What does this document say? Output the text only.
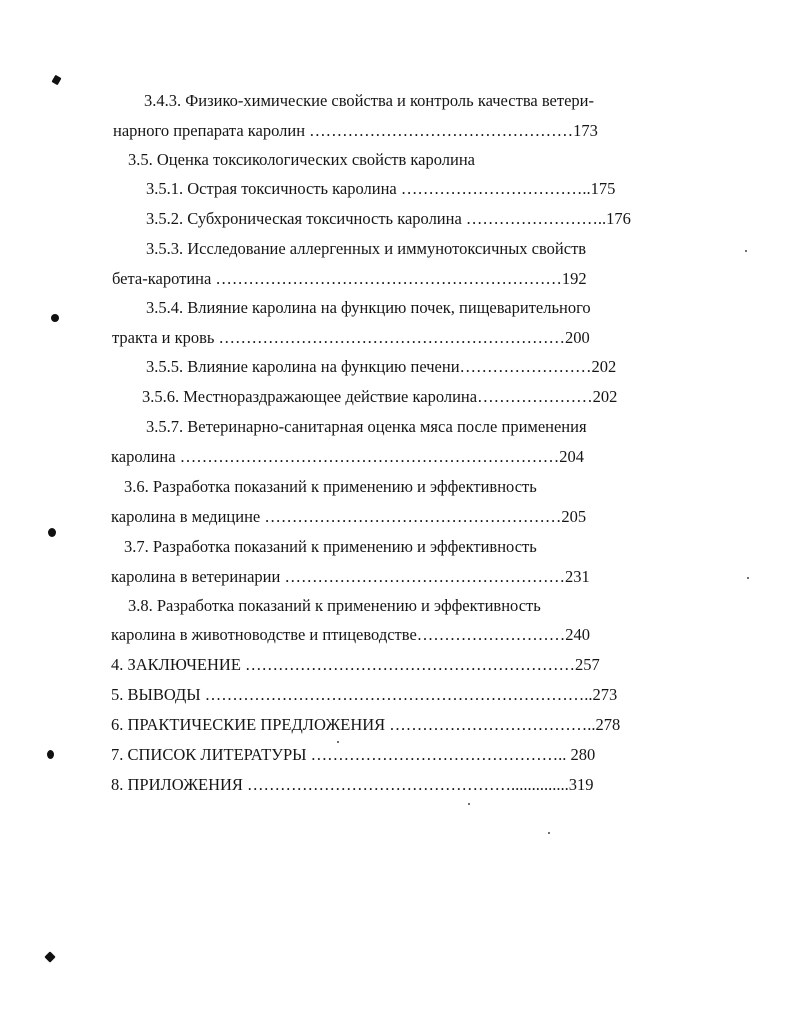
3.4.3. Физико-химические свойства и контроль качества ветери-
нарного препарата каролин …………………………………………173
3.5. Оценка токсикологических свойств каролина
3.5.1. Острая токсичность каролина ……………………………..175
3.5.2. Субхроническая токсичность каролина ……………………..176
3.5.3. Исследование аллергенных и иммунотоксичных свойств
бета-каротина ………………………………………………………192
3.5.4. Влияние каролина на функцию почек, пищеварительного
тракта и кровь ………………………………………………………200
3.5.5. Влияние каролина на функцию печени……………………202
3.5.6. Местнораздражающее действие каролина…………………202
3.5.7. Ветеринарно-санитарная оценка мяса после применения
каролина ……………………………………………………………204
3.6. Разработка показаний к применению и эффективность
каролина в медицине ………………………………………………205
3.7. Разработка показаний к применению и эффективность
каролина в ветеринарии ……………………………………………231
3.8. Разработка показаний к применению и эффективность
каролина в животноводстве и птицеводстве………………………240
4. ЗАКЛЮЧЕНИЕ ……………………………………………………257
5. ВЫВОДЫ ……………………………………………………………..273
6. ПРАКТИЧЕСКИЕ ПРЕДЛОЖЕНИЯ ………………………………..278
7. СПИСОК ЛИТЕРАТУРЫ ……………………………………….. 280
8. ПРИЛОЖЕНИЯ …………………………………………..............319
